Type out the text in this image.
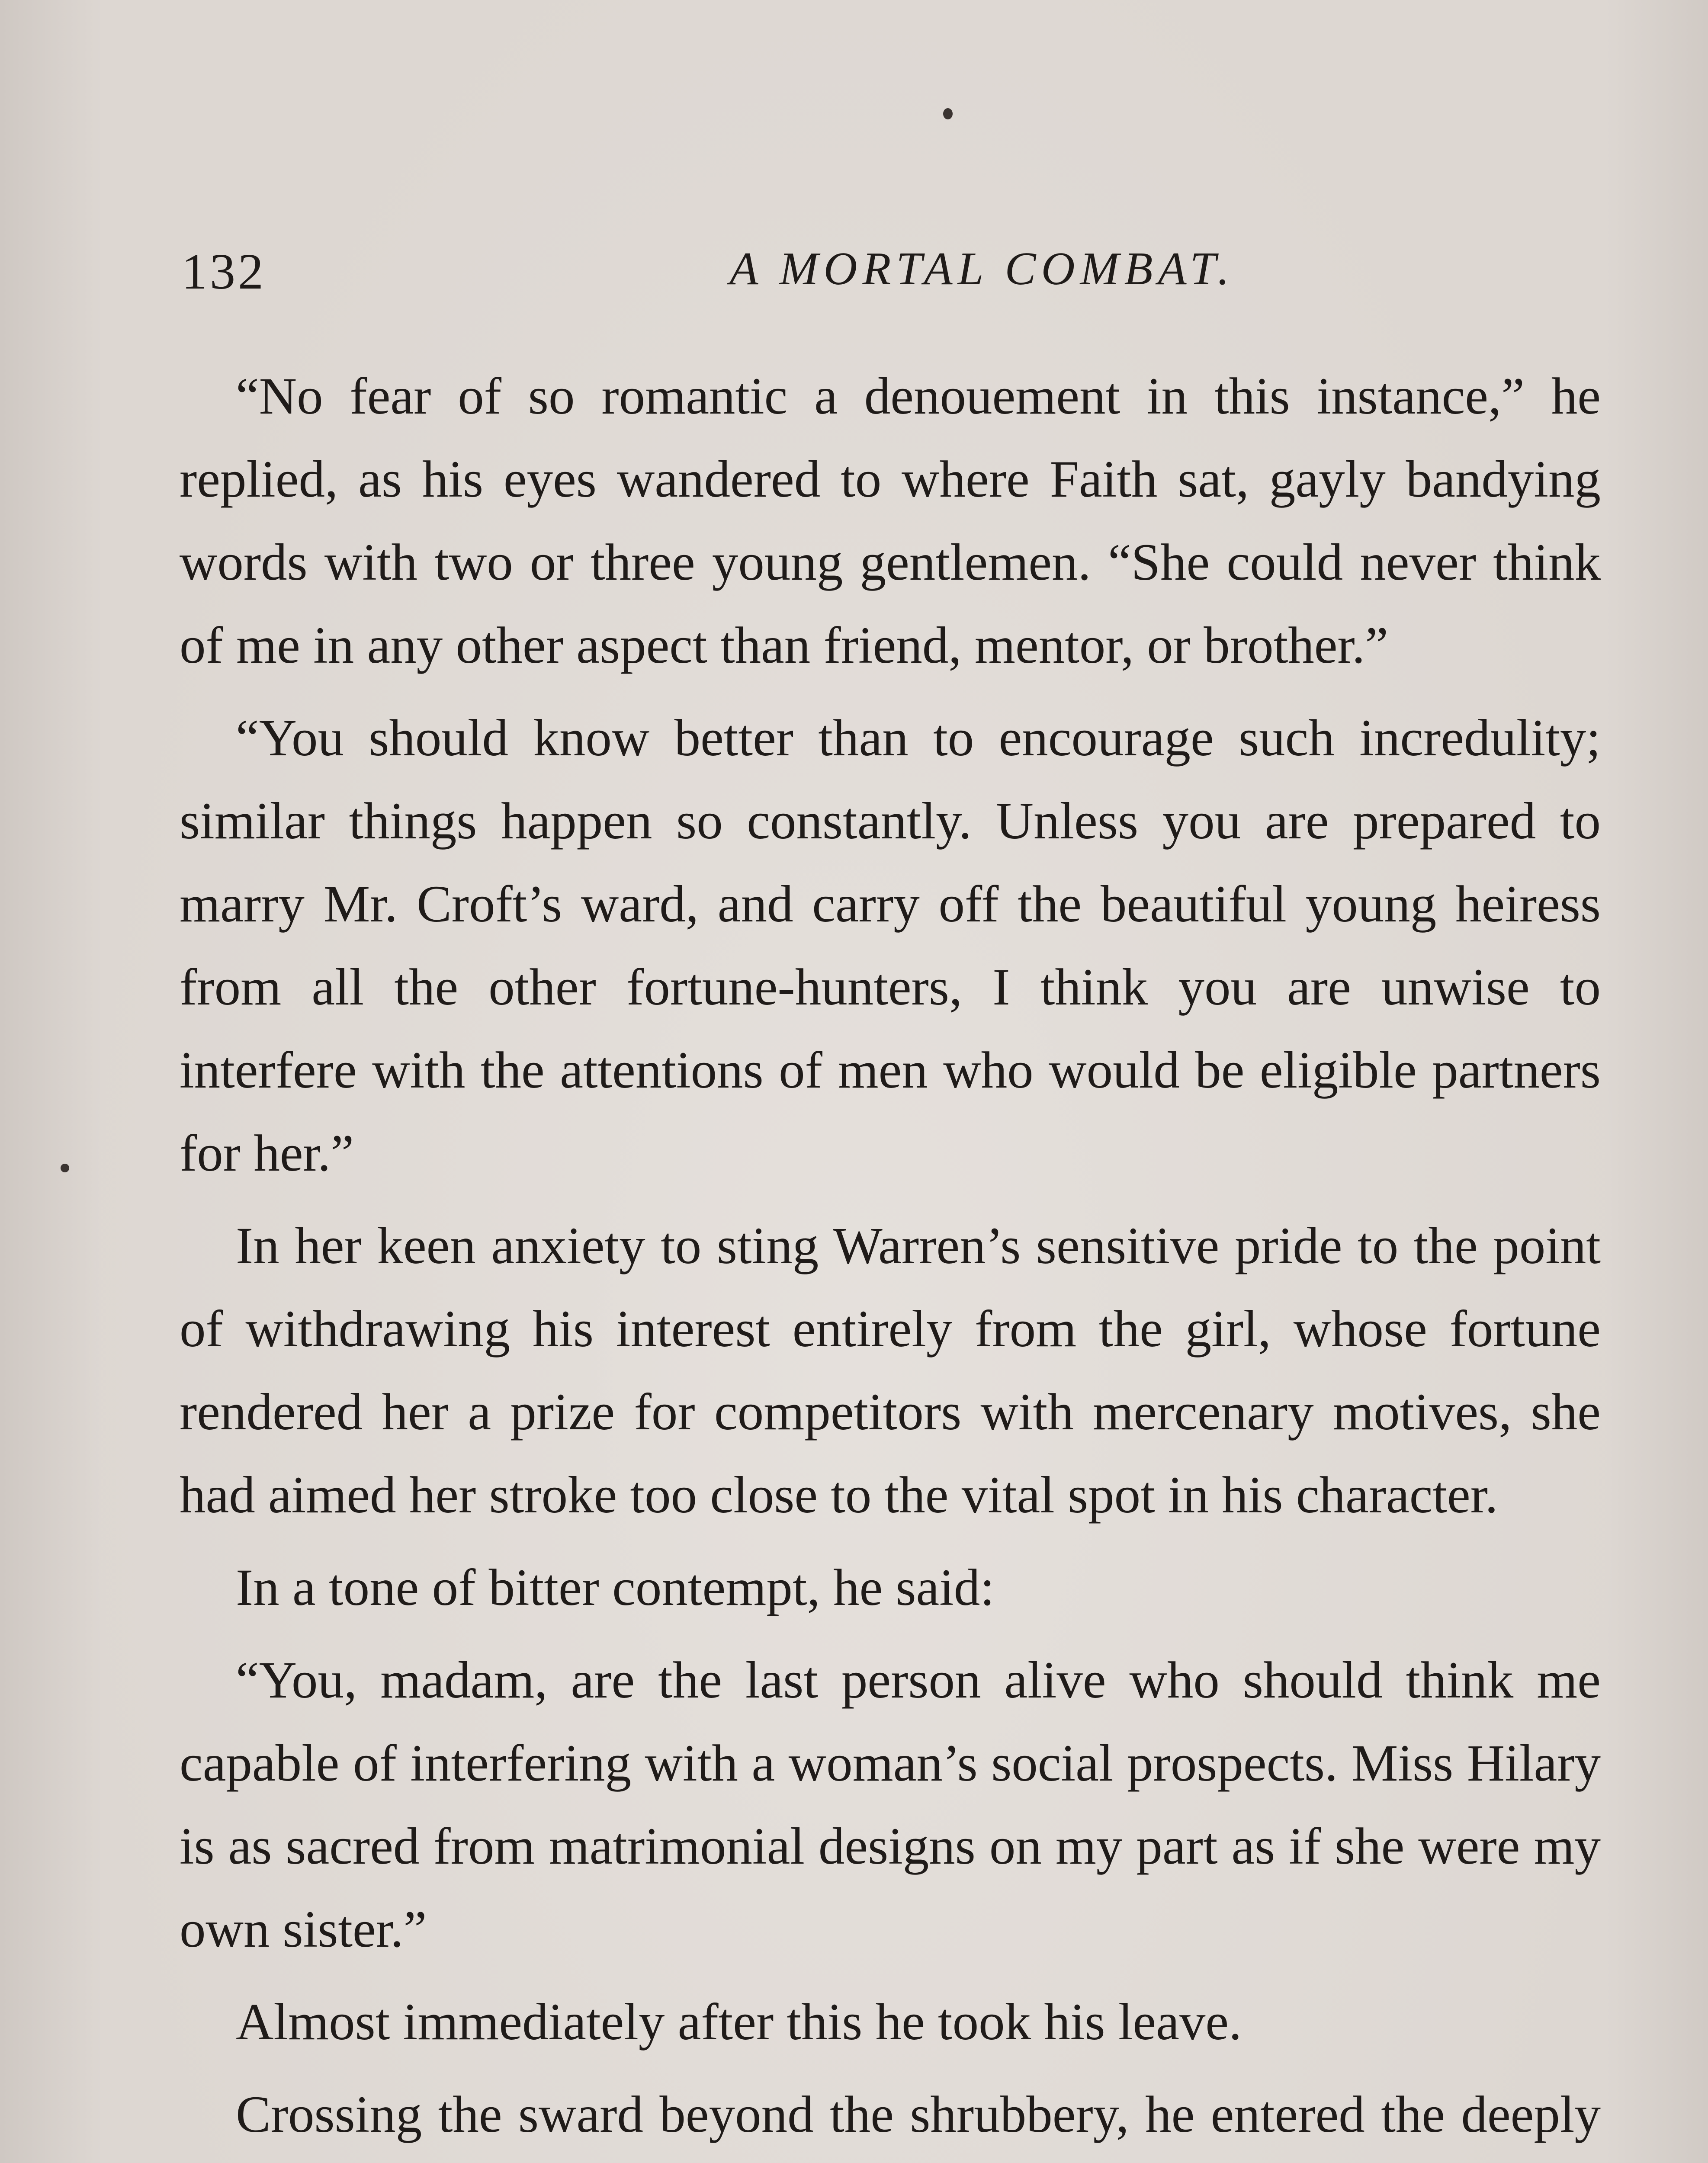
132	A MORTAL COMBAT.

“No fear of so romantic a denouement in this instance,” he replied, as his eyes wandered to where Faith sat, gayly bandying words with two or three young gentlemen. “She could never think of me in any other aspect than friend, mentor, or brother.”

“You should know better than to encourage such incredulity; similar things happen so constantly. Unless you are prepared to marry Mr. Croft’s ward, and carry off the beautiful young heiress from all the other fortune-hunters, I think you are unwise to interfere with the attentions of men who would be eligible partners for her.”

In her keen anxiety to sting Warren’s sensitive pride to the point of withdrawing his interest entirely from the girl, whose fortune rendered her a prize for competitors with mercenary motives, she had aimed her stroke too close to the vital spot in his character.

In a tone of bitter contempt, he said:

“You, madam, are the last person alive who should think me capable of interfering with a woman’s social prospects. Miss Hilary is as sacred from matrimonial designs on my part as if she were my own sister.”

Almost immediately after this he took his leave.

Crossing the sward beyond the shrubbery, he entered the deeply
